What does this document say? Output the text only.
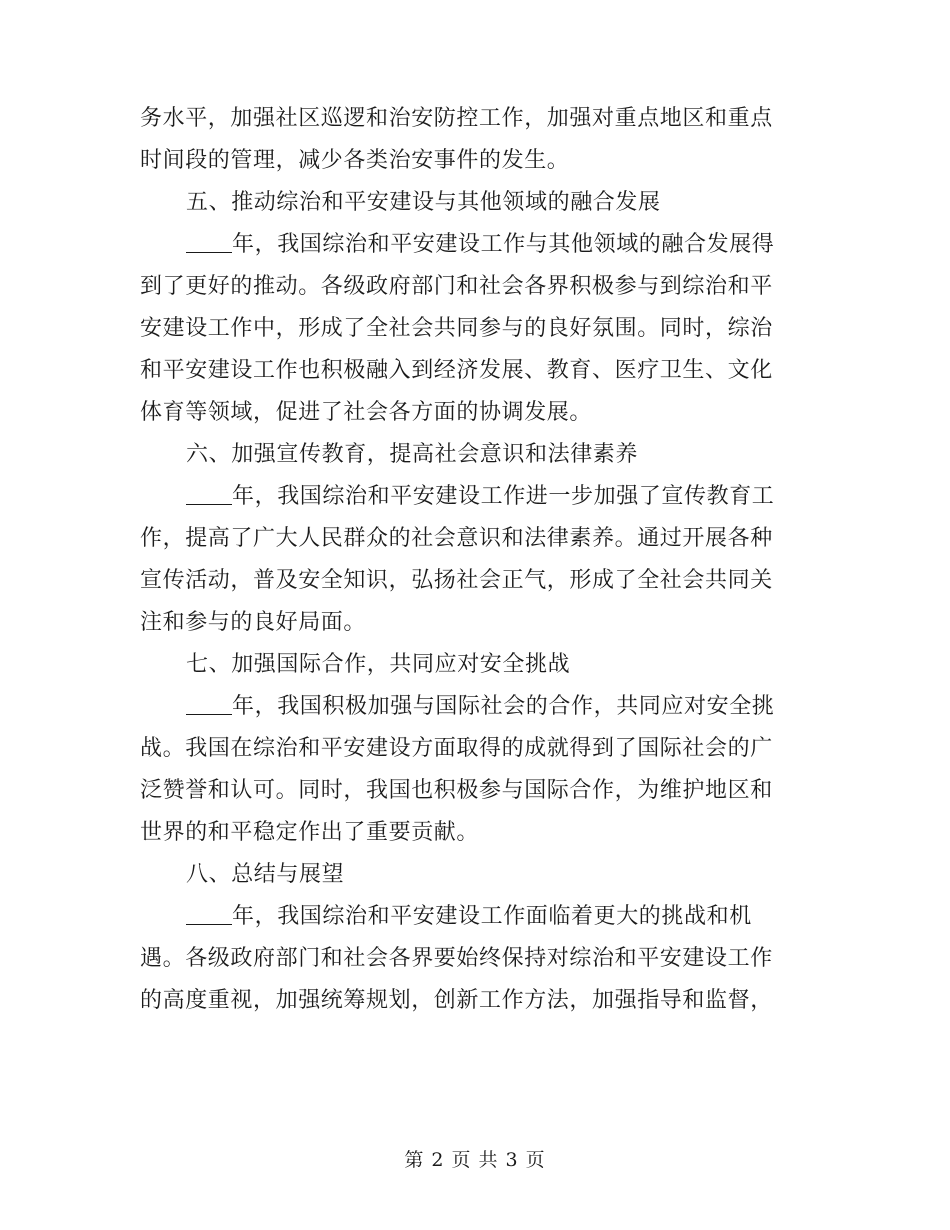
务水平，加强社区巡逻和治安防控工作，加强对重点地区和重点
时间段的管理，减少各类治安事件的发生。
五、推动综治和平安建设与其他领域的融合发展
年，我国综治和平安建设工作与其他领域的融合发展得
到了更好的推动。各级政府部门和社会各界积极参与到综治和平
安建设工作中，形成了全社会共同参与的良好氛围。同时，综治
和平安建设工作也积极融入到经济发展、教育、医疗卫生、文化
体育等领域，促进了社会各方面的协调发展。
六、加强宣传教育，提高社会意识和法律素养
年，我国综治和平安建设工作进一步加强了宣传教育工
作，提高了广大人民群众的社会意识和法律素养。通过开展各种
宣传活动，普及安全知识，弘扬社会正气，形成了全社会共同关
注和参与的良好局面。
七、加强国际合作，共同应对安全挑战
年，我国积极加强与国际社会的合作，共同应对安全挑
战。我国在综治和平安建设方面取得的成就得到了国际社会的广
泛赞誉和认可。同时，我国也积极参与国际合作，为维护地区和
世界的和平稳定作出了重要贡献。
八、总结与展望
年，我国综治和平安建设工作面临着更大的挑战和机
遇。各级政府部门和社会各界要始终保持对综治和平安建设工作
的高度重视，加强统筹规划，创新工作方法，加强指导和监督，
第 2 页 共 3 页
